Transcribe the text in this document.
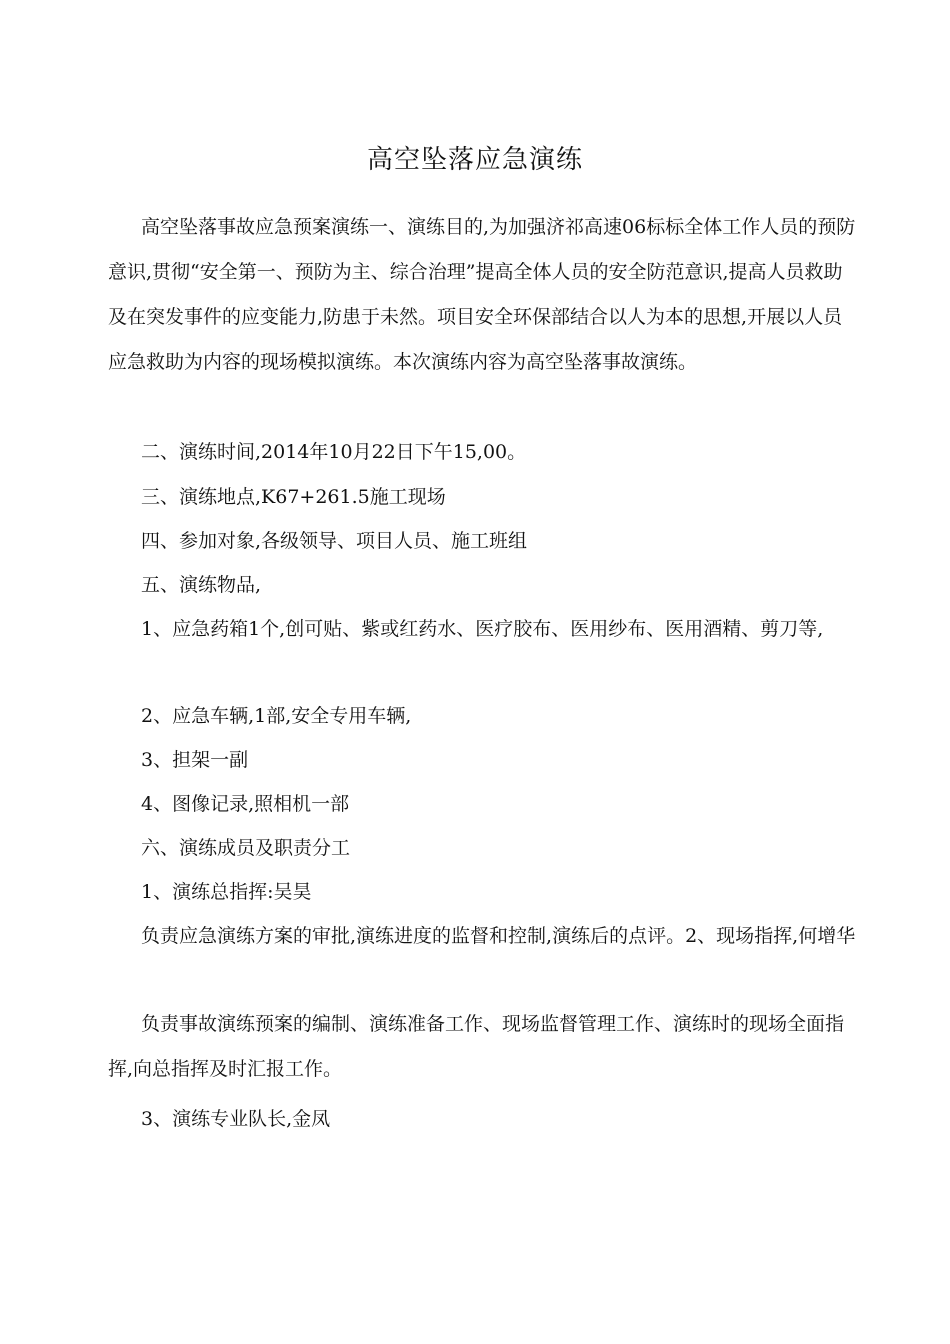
高空坠落应急演练

高空坠落事故应急预案演练一、演练目的,为加强济祁高速06标标全体工作人员的预防意识,贯彻“安全第一、预防为主、综合治理”提高全体人员的安全防范意识,提高人员救助及在突发事件的应变能力,防患于未然。项目安全环保部结合以人为本的思想,开展以人员应急救助为内容的现场模拟演练。本次演练内容为高空坠落事故演练。

二、演练时间,2014年10月22日下午15,00。

三、演练地点,K67+261.5施工现场

四、参加对象,各级领导、项目人员、施工班组

五、演练物品,

1、应急药箱1个,创可贴、紫或红药水、医疗胶布、医用纱布、医用酒精、剪刀等,

2、应急车辆,1部,安全专用车辆,

3、担架一副

4、图像记录,照相机一部

六、演练成员及职责分工

1、演练总指挥:吴昊

负责应急演练方案的审批,演练进度的监督和控制,演练后的点评。2、现场指挥,何增华

负责事故演练预案的编制、演练准备工作、现场监督管理工作、演练时的现场全面指挥,向总指挥及时汇报工作。

3、演练专业队长,金凤
